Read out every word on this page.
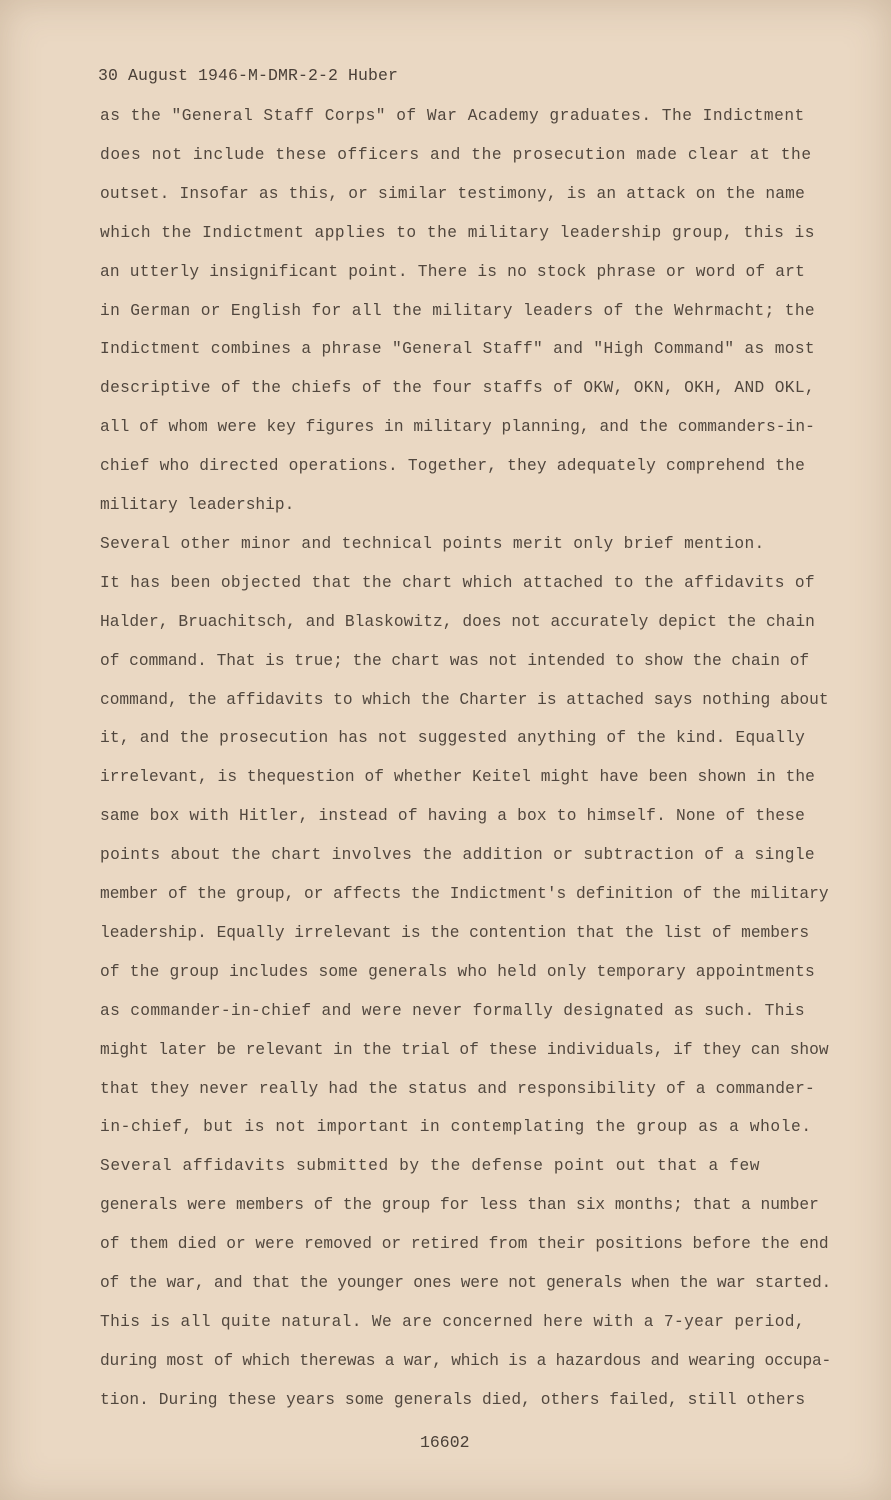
30 August 1946-M-DMR-2-2 Huber
as the "General Staff Corps" of War Academy graduates. The Indictment
does not include these officers and the prosecution made clear at the
outset. Insofar as this, or similar testimony, is an attack on the name
which the Indictment applies to the military leadership group, this is
an utterly insignificant point. There is no stock phrase or word of art
in German or English for all the military leaders of the Wehrmacht; the
Indictment combines a phrase "General Staff" and "High Command" as most
descriptive of the chiefs of the four staffs of OKW, OKN, OKH, AND OKL,
all of whom were key figures in military planning, and the commanders-in-
chief who directed operations. Together, they adequately comprehend the
military leadership.
Several other minor and technical points merit only brief mention.
It has been objected that the chart which attached to the affidavits of
Halder, Bruachitsch, and Blaskowitz, does not accurately depict the chain
of command. That is true; the chart was not intended to show the chain of
command, the affidavits to which the Charter is attached says nothing about
it, and the prosecution has not suggested anything of the kind. Equally
irrelevant, is thequestion of whether Keitel might have been shown in the
same box with Hitler, instead of having a box to himself. None of these
points about the chart involves the addition or subtraction of a single
member of the group, or affects the Indictment's definition of the military
leadership. Equally irrelevant is the contention that the list of members
of the group includes some generals who held only temporary appointments
as commander-in-chief and were never formally designated as such. This
might later be relevant in the trial of these individuals, if they can show
that they never really had the status and responsibility of a commander-
in-chief, but is not important in contemplating the group as a whole.
Several affidavits submitted by the defense point out that a few
generals were members of the group for less than six months; that a number
of them died or were removed or retired from their positions before the end
of the war, and that the younger ones were not generals when the war started.
This is all quite natural. We are concerned here with a 7-year period,
during most of which therewas a war, which is a hazardous and wearing occupa-
tion. During these years some generals died, others failed, still others
16602
